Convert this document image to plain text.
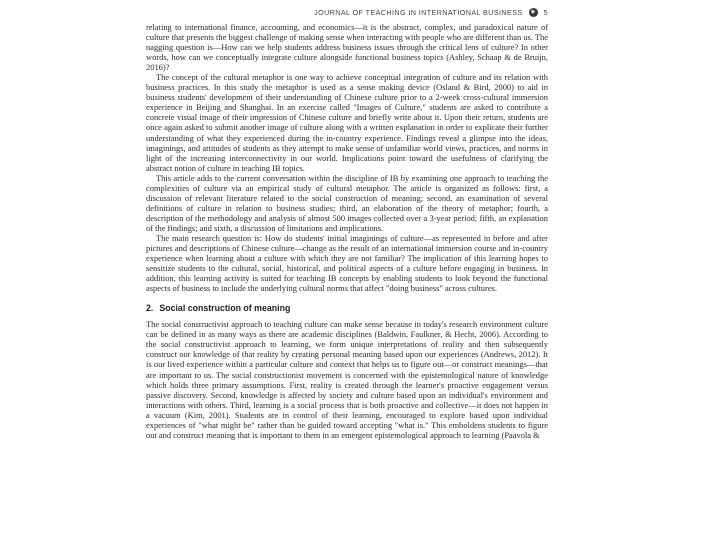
JOURNAL OF TEACHING IN INTERNATIONAL BUSINESS	◉ 5

relating to international finance, accounting, and economics—it is the abstract, complex, and paradoxical nature of culture that presents the biggest challenge of making sense when interacting with people who are different than us. The nagging question is—How can we help students address business issues through the critical lens of culture? In other words, how can we conceptually integrate culture alongside functional business topics (Ashley, Schaap & de Bruijn, 2016)?

The concept of the cultural metaphor is one way to achieve conceptual integration of culture and its relation with business practices. In this study the metaphor is used as a sense making device (Osland & Bird, 2000) to aid in business students' development of their understanding of Chinese culture prior to a 2-week cross-cultural immersion experience in Beijing and Shanghai. In an exercise called "Images of Culture," students are asked to contribute a concrete visual image of their impression of Chinese culture and briefly write about it. Upon their return, students are once again asked to submit another image of culture along with a written explanation in order to explicate their further understanding of what they experienced during the in-country experience. Findings reveal a glimpse into the ideas, imaginings, and attitudes of students as they attempt to make sense of unfamiliar world views, practices, and norms in light of the increasing interconnectivity in our world. Implications point toward the usefulness of clarifying the abstract notion of culture in teaching IB topics.

This article adds to the current conversation within the discipline of IB by examining one approach to teaching the complexities of culture via an empirical study of cultural metaphor. The article is organized as follows: first, a discussion of relevant literature related to the social construction of meaning; second, an examination of several definitions of culture in relation to business studies; third, an elaboration of the theory of metaphor; fourth, a description of the methodology and analysis of almost 500 images collected over a 3-year period; fifth, an explanation of the findings; and sixth, a discussion of limitations and implications.

The main research question is: How do students' initial imaginings of culture—as represented in before and after pictures and descriptions of Chinese culture—change as the result of an international immersion course and in-country experience when learning about a culture with which they are not familiar? The implication of this learning hopes to sensitize students to the cultural, social, historical, and political aspects of a culture before engaging in business. In addition, this learning activity is suited for teaching IB concepts by enabling students to look beyond the functional aspects of business to include the underlying cultural norms that affect "doing business" across cultures.

2. Social construction of meaning

The social constructivist approach to teaching culture can make sense because in today's research environment culture can be defined in as many ways as there are academic disciplines (Baldwin, Faulkner, & Hecht, 2006). According to the social constructivist approach to learning, we form unique interpretations of reality and then subsequently construct our knowledge of that reality by creating personal meaning based upon our experiences (Andrews, 2012). It is our lived experience within a particular culture and context that helps us to figure out—or construct meanings—that are important to us. The social constructionist movement is concerned with the epistemological nature of knowledge which holds three primary assumptions. First, reality is created through the learner's proactive engagement versus passive discovery. Second, knowledge is affected by society and culture based upon an individual's environment and interactions with others. Third, learning is a social process that is both proactive and collective—it does not happen in a vacuum (Kim, 2001). Students are in control of their learning, encouraged to explore based upon individual experiences of "what might be" rather than be guided toward accepting "what is." This emboldens students to figure out and construct meaning that is important to them in an emergent epistemological approach to learning (Paavola &
